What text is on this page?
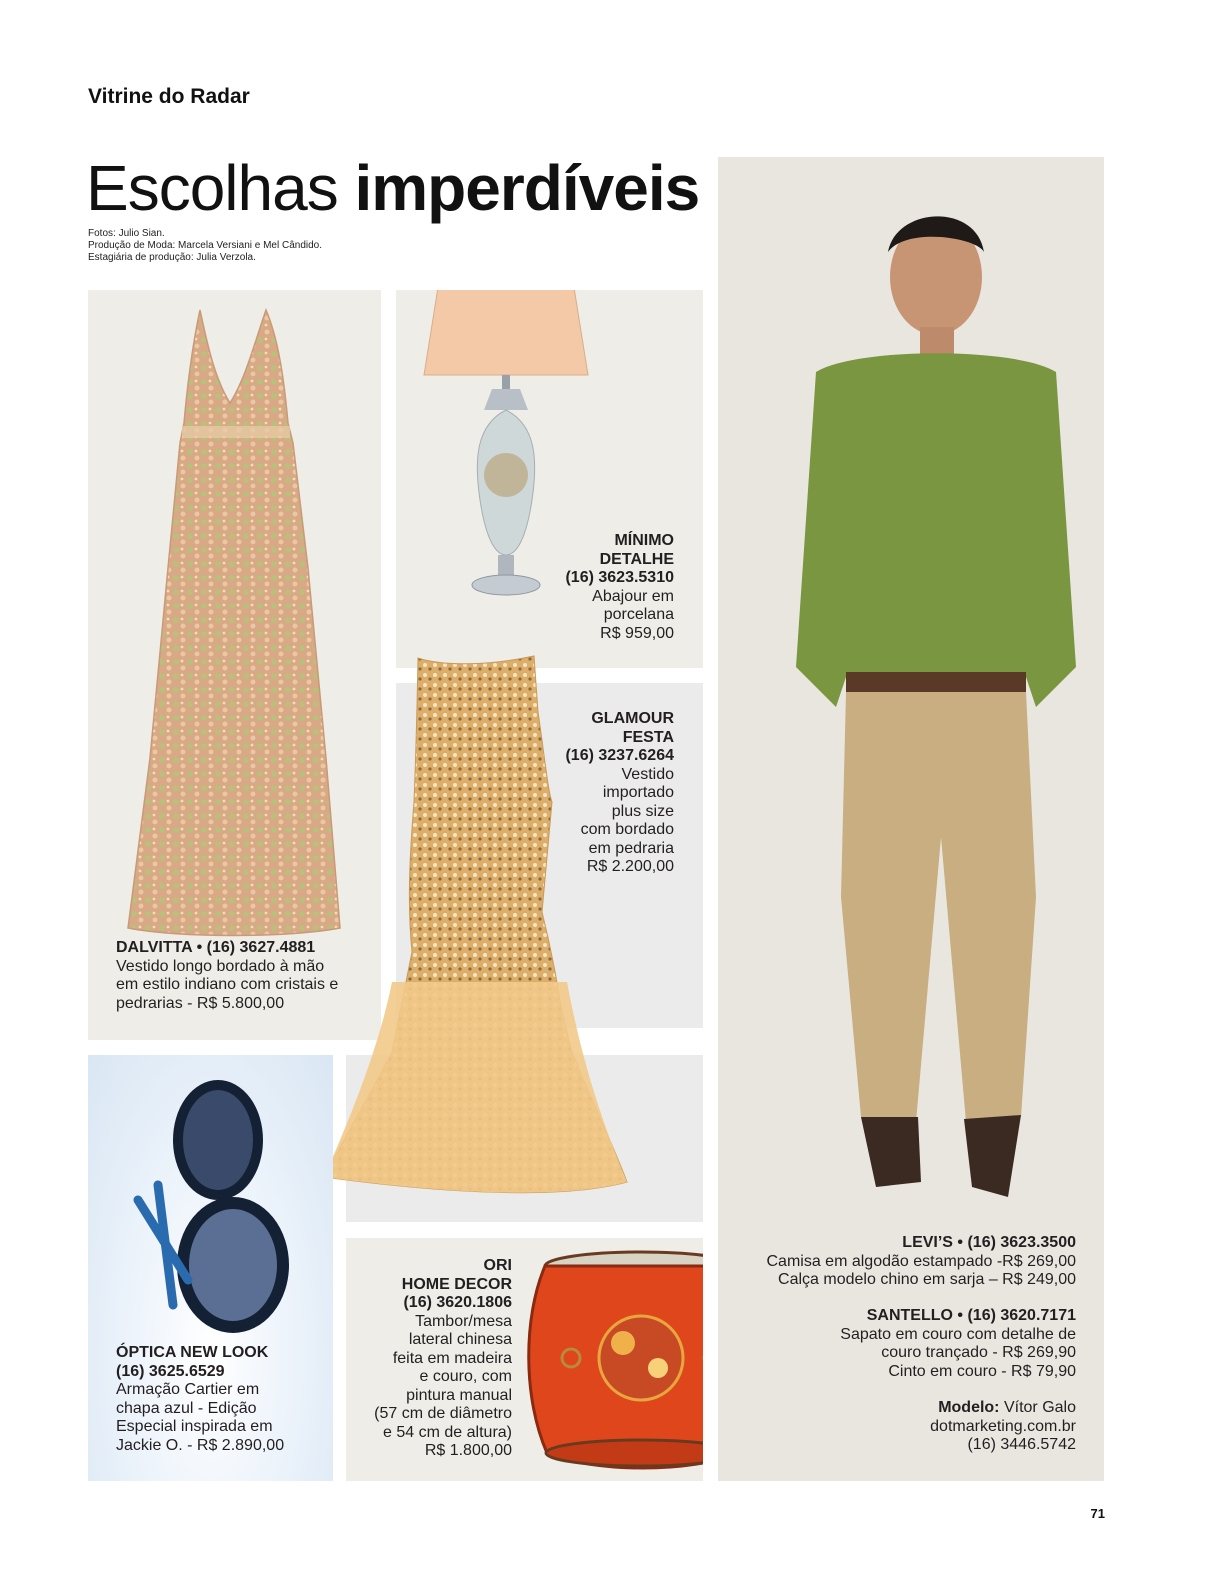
Vitrine do Radar
Escolhas imperdíveis
Fotos: Julio Sian.
Produção de Moda: Marcela Versiani e Mel Cândido.
Estagiária de produção: Julia Verzola.
DALVITTA • (16) 3627.4881
Vestido longo bordado à mão
em estilo indiano com cristais e
pedrarias - R$ 5.800,00
MÍNIMO
DETALHE
(16) 3623.5310
Abajour em
porcelana
R$ 959,00
GLAMOUR
FESTA
(16) 3237.6264
Vestido
importado
plus size
com bordado
em pedraria
R$ 2.200,00
ÓPTICA NEW LOOK
(16) 3625.6529
Armação Cartier em
chapa azul - Edição
Especial inspirada em
Jackie O. - R$ 2.890,00
ORI
HOME DECOR
(16) 3620.1806
Tambor/mesa
lateral chinesa
feita em madeira
e couro, com
pintura manual
(57 cm de diâmetro
e 54 cm de altura)
R$ 1.800,00
LEVI’S • (16) 3623.3500
Camisa em algodão estampado -R$ 269,00
Calça modelo chino em sarja – R$ 249,00
SANTELLO • (16) 3620.7171
Sapato em couro com detalhe de
couro trançado - R$ 269,90
Cinto em couro - R$ 79,90
Modelo: Vítor Galo
dotmarketing.com.br
(16) 3446.5742
71
